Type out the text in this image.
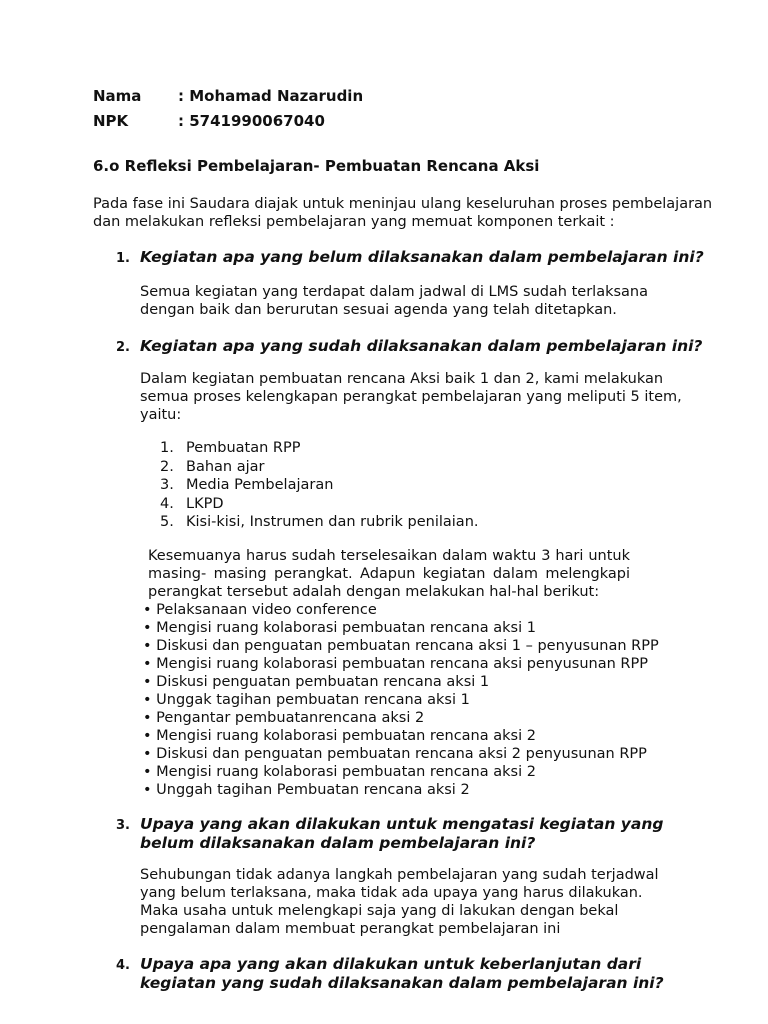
Nama : Mohamad Nazarudin
NPK	: 5741990067040
6.o Refleksi Pembelajaran- Pembuatan Rencana Aksi
Pada fase ini Saudara diajak untuk meninjau ulang keseluruhan proses pembelajaran
dan melakukan refleksi pembelajaran yang memuat komponen terkait :
1. Kegiatan apa yang belum dilaksanakan dalam pembelajaran ini?
Semua kegiatan yang terdapat dalam jadwal di LMS sudah terlaksana
dengan baik dan berurutan sesuai agenda yang telah ditetapkan.
2. Kegiatan apa yang sudah dilaksanakan dalam pembelajaran ini?
Dalam kegiatan pembuatan rencana Aksi baik 1 dan 2, kami melakukan
semua proses kelengkapan perangkat pembelajaran yang meliputi 5 item,
yaitu:
1. Pembuatan RPP
2. Bahan ajar
3. Media Pembelajaran
4. LKPD
5. Kisi-kisi, Instrumen dan rubrik penilaian.
Kesemuanya harus sudah terselesaikan dalam waktu 3 hari untuk
masing- masing perangkat. Adapun kegiatan dalam melengkapi
perangkat tersebut adalah dengan melakukan hal-hal berikut:
• Pelaksanaan video conference
• Mengisi ruang kolaborasi pembuatan rencana aksi 1
• Diskusi dan penguatan pembuatan rencana aksi 1 – penyusunan RPP
• Mengisi ruang kolaborasi pembuatan rencana aksi penyusunan RPP
• Diskusi penguatan pembuatan rencana aksi 1
• Unggak tagihan pembuatan rencana aksi 1
• Pengantar pembuatanrencana aksi 2
• Mengisi ruang kolaborasi pembuatan rencana aksi 2
• Diskusi dan penguatan pembuatan rencana aksi 2 penyusunan RPP
• Mengisi ruang kolaborasi pembuatan rencana aksi 2
• Unggah tagihan Pembuatan rencana aksi 2
3. Upaya yang akan dilakukan untuk mengatasi kegiatan yang
belum dilaksanakan dalam pembelajaran ini?
Sehubungan tidak adanya langkah pembelajaran yang sudah terjadwal
yang belum terlaksana, maka tidak ada upaya yang harus dilakukan.
Maka usaha untuk melengkapi saja yang di lakukan dengan bekal
pengalaman dalam membuat perangkat pembelajaran ini
4. Upaya apa yang akan dilakukan untuk keberlanjutan dari
kegiatan yang sudah dilaksanakan dalam pembelajaran ini?
